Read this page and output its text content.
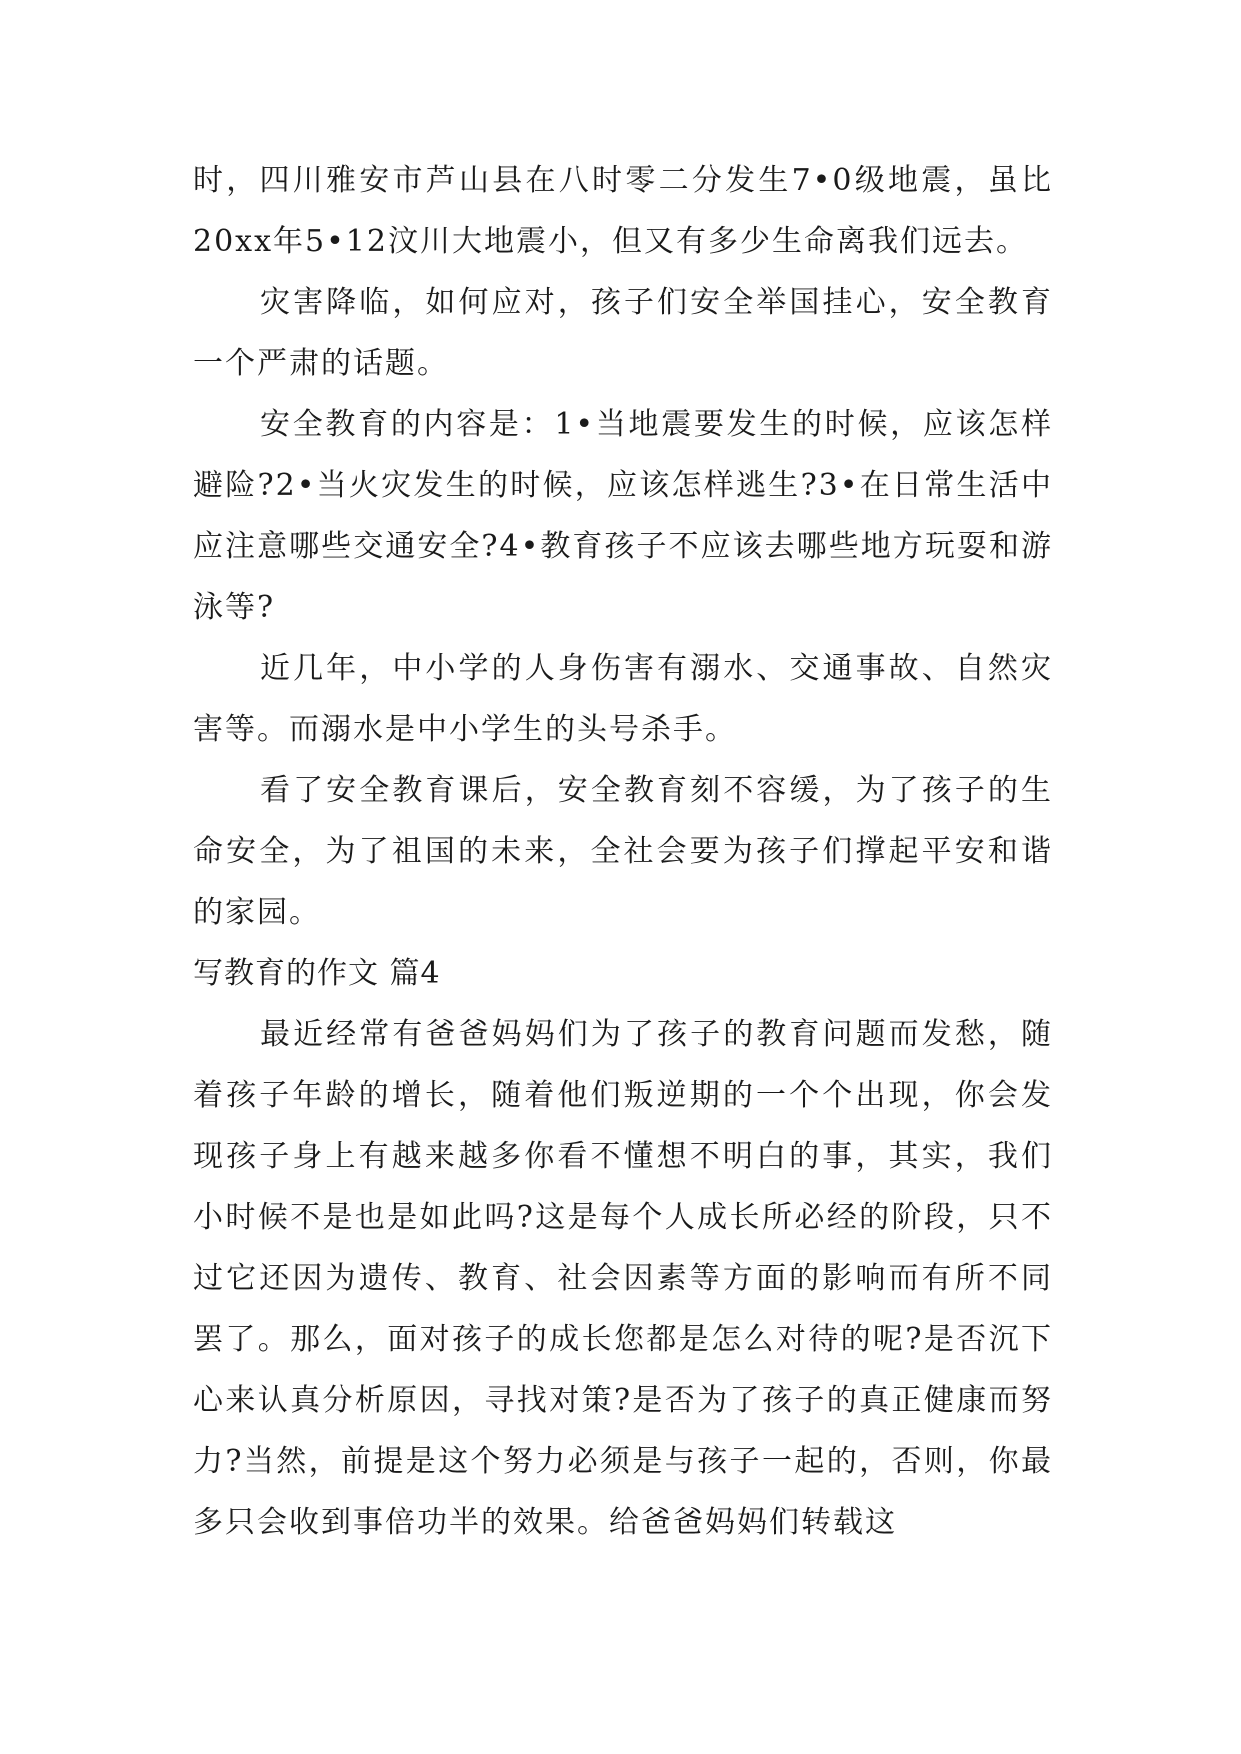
时，四川雅安市芦山县在八时零二分发生7•0级地震，虽比20xx年5•12汶川大地震小，但又有多少生命离我们远去。

灾害降临，如何应对，孩子们安全举国挂心，安全教育一个严肃的话题。

安全教育的内容是：1•当地震要发生的时候，应该怎样避险?2•当火灾发生的时候，应该怎样逃生?3•在日常生活中应注意哪些交通安全?4•教育孩子不应该去哪些地方玩耍和游泳等?

近几年，中小学的人身伤害有溺水、交通事故、自然灾害等。而溺水是中小学生的头号杀手。

看了安全教育课后，安全教育刻不容缓，为了孩子的生命安全，为了祖国的未来，全社会要为孩子们撑起平安和谐的家园。

写教育的作文 篇4

最近经常有爸爸妈妈们为了孩子的教育问题而发愁，随着孩子年龄的增长，随着他们叛逆期的一个个出现，你会发现孩子身上有越来越多你看不懂想不明白的事，其实，我们小时候不是也是如此吗?这是每个人成长所必经的阶段，只不过它还因为遗传、教育、社会因素等方面的影响而有所不同罢了。那么，面对孩子的成长您都是怎么对待的呢?是否沉下心来认真分析原因，寻找对策?是否为了孩子的真正健康而努力?当然，前提是这个努力必须是与孩子一起的，否则，你最多只会收到事倍功半的效果。给爸爸妈妈们转载这
